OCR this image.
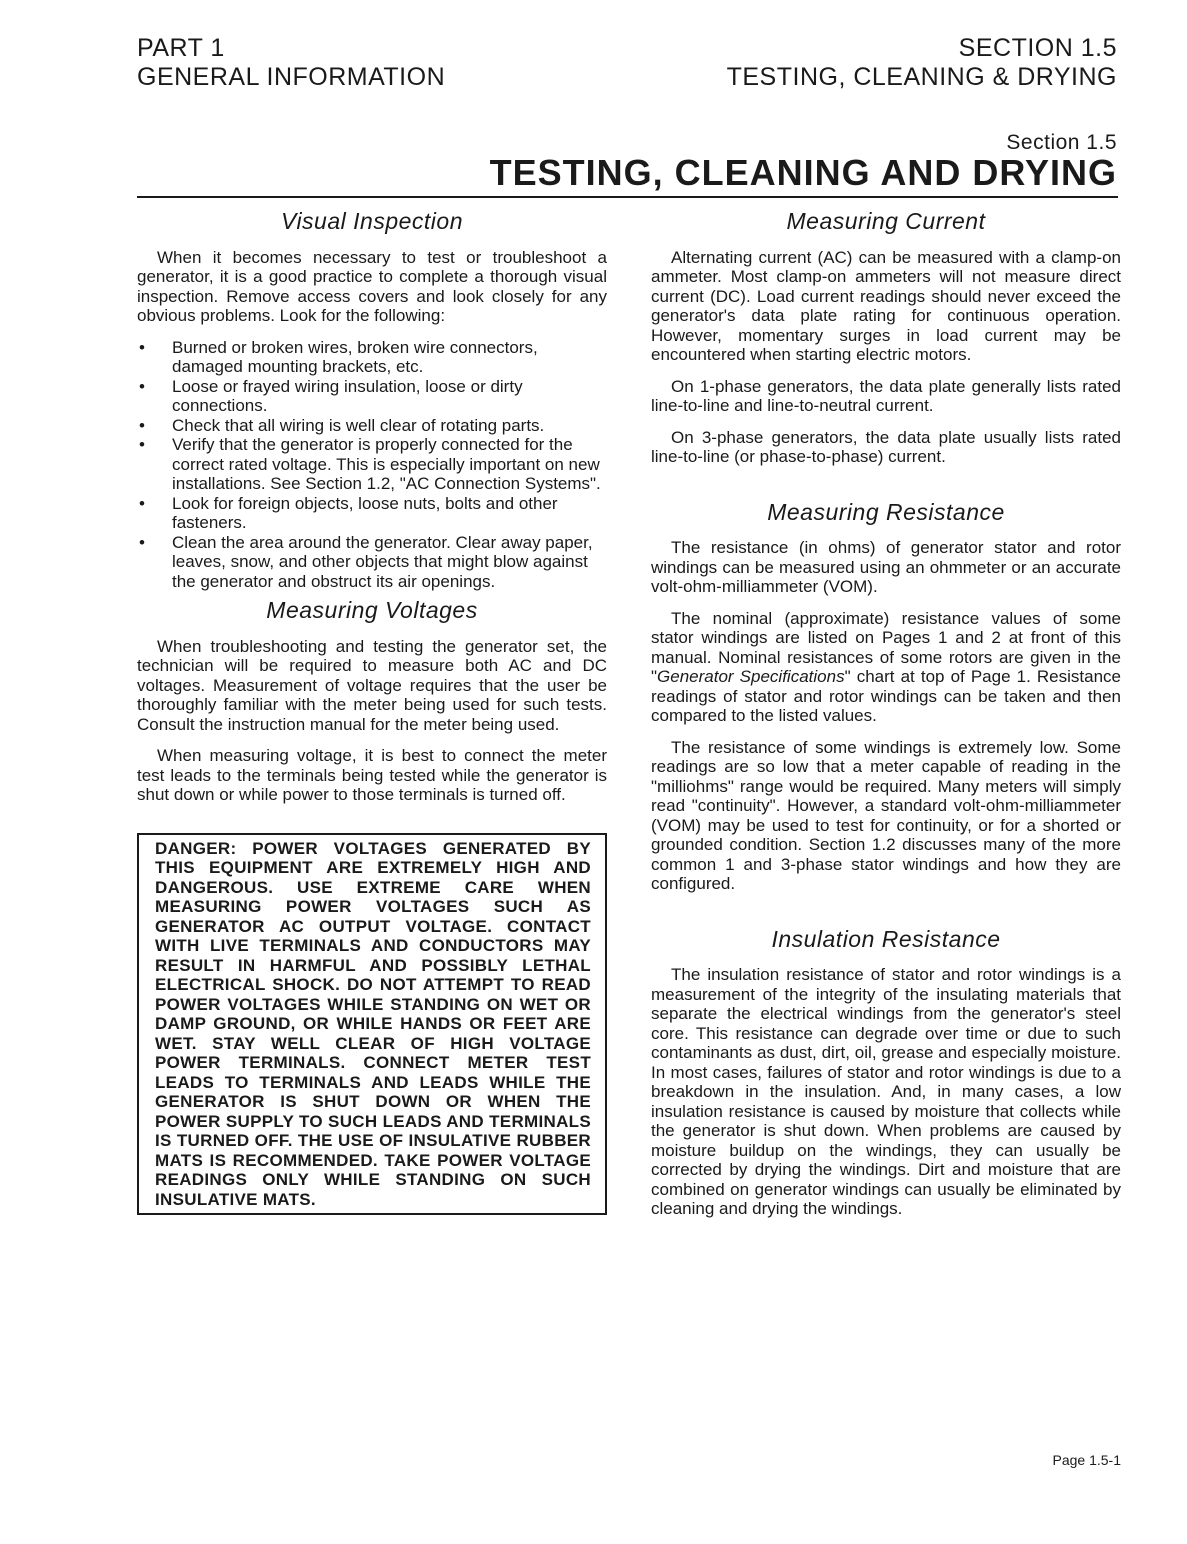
PART 1
GENERAL INFORMATION
SECTION 1.5
TESTING, CLEANING & DRYING
Section 1.5
TESTING, CLEANING AND DRYING
Visual Inspection

When it becomes necessary to test or troubleshoot a generator, it is a good practice to complete a thorough visual inspection. Remove access covers and look closely for any obvious problems. Look for the following:

• Burned or broken wires, broken wire connectors, damaged mounting brackets, etc.
• Loose or frayed wiring insulation, loose or dirty connections.
• Check that all wiring is well clear of rotating parts.
• Verify that the generator is properly connected for the correct rated voltage. This is especially important on new installations. See Section 1.2, "AC Connection Systems".
• Look for foreign objects, loose nuts, bolts and other fasteners.
• Clean the area around the generator. Clear away paper, leaves, snow, and other objects that might blow against the generator and obstruct its air openings.
Measuring Voltages

When troubleshooting and testing the generator set, the technician will be required to measure both AC and DC voltages. Measurement of voltage requires that the user be thoroughly familiar with the meter being used for such tests. Consult the instruction manual for the meter being used.

When measuring voltage, it is best to connect the meter test leads to the terminals being tested while the generator is shut down or while power to those terminals is turned off.

DANGER: POWER VOLTAGES GENERATED BY THIS EQUIPMENT ARE EXTREMELY HIGH AND DANGEROUS. USE EXTREME CARE WHEN MEASURING POWER VOLTAGES SUCH AS GENERATOR AC OUTPUT VOLTAGE. CONTACT WITH LIVE TERMINALS AND CONDUCTORS MAY RESULT IN HARMFUL AND POSSIBLY LETHAL ELECTRICAL SHOCK. DO NOT ATTEMPT TO READ POWER VOLTAGES WHILE STANDING ON WET OR DAMP GROUND, OR WHILE HANDS OR FEET ARE WET. STAY WELL CLEAR OF HIGH VOLTAGE POWER TERMINALS. CONNECT METER TEST LEADS TO TERMINALS AND LEADS WHILE THE GENERATOR IS SHUT DOWN OR WHEN THE POWER SUPPLY TO SUCH LEADS AND TERMINALS IS TURNED OFF. THE USE OF INSULATIVE RUBBER MATS IS RECOMMENDED. TAKE POWER VOLTAGE READINGS ONLY WHILE STANDING ON SUCH INSULATIVE MATS.
Measuring Current

Alternating current (AC) can be measured with a clamp-on ammeter. Most clamp-on ammeters will not measure direct current (DC). Load current readings should never exceed the generator's data plate rating for continuous operation. However, momentary surges in load current may be encountered when starting electric motors.

On 1-phase generators, the data plate generally lists rated line-to-line and line-to-neutral current.

On 3-phase generators, the data plate usually lists rated line-to-line (or phase-to-phase) current.

Measuring Resistance

The resistance (in ohms) of generator stator and rotor windings can be measured using an ohmmeter or an accurate volt-ohm-milliammeter (VOM).

The nominal (approximate) resistance values of some stator windings are listed on Pages 1 and 2 at front of this manual. Nominal resistances of some rotors are given in the "Generator Specifications" chart at top of Page 1. Resistance readings of stator and rotor windings can be taken and then compared to the listed values.

The resistance of some windings is extremely low. Some readings are so low that a meter capable of reading in the "milliohms" range would be required. Many meters will simply read "continuity". However, a standard volt-ohm-milliammeter (VOM) may be used to test for continuity, or for a shorted or grounded condition. Section 1.2 discusses many of the more common 1 and 3-phase stator windings and how they are configured.

Insulation Resistance

The insulation resistance of stator and rotor windings is a measurement of the integrity of the insulating materials that separate the electrical windings from the generator's steel core. This resistance can degrade over time or due to such contaminants as dust, dirt, oil, grease and especially moisture. In most cases, failures of stator and rotor windings is due to a breakdown in the insulation. And, in many cases, a low insulation resistance is caused by moisture that collects while the generator is shut down. When problems are caused by moisture buildup on the windings, they can usually be corrected by drying the windings. Dirt and moisture that are combined on generator windings can usually be eliminated by cleaning and drying the windings.

Page 1.5-1
